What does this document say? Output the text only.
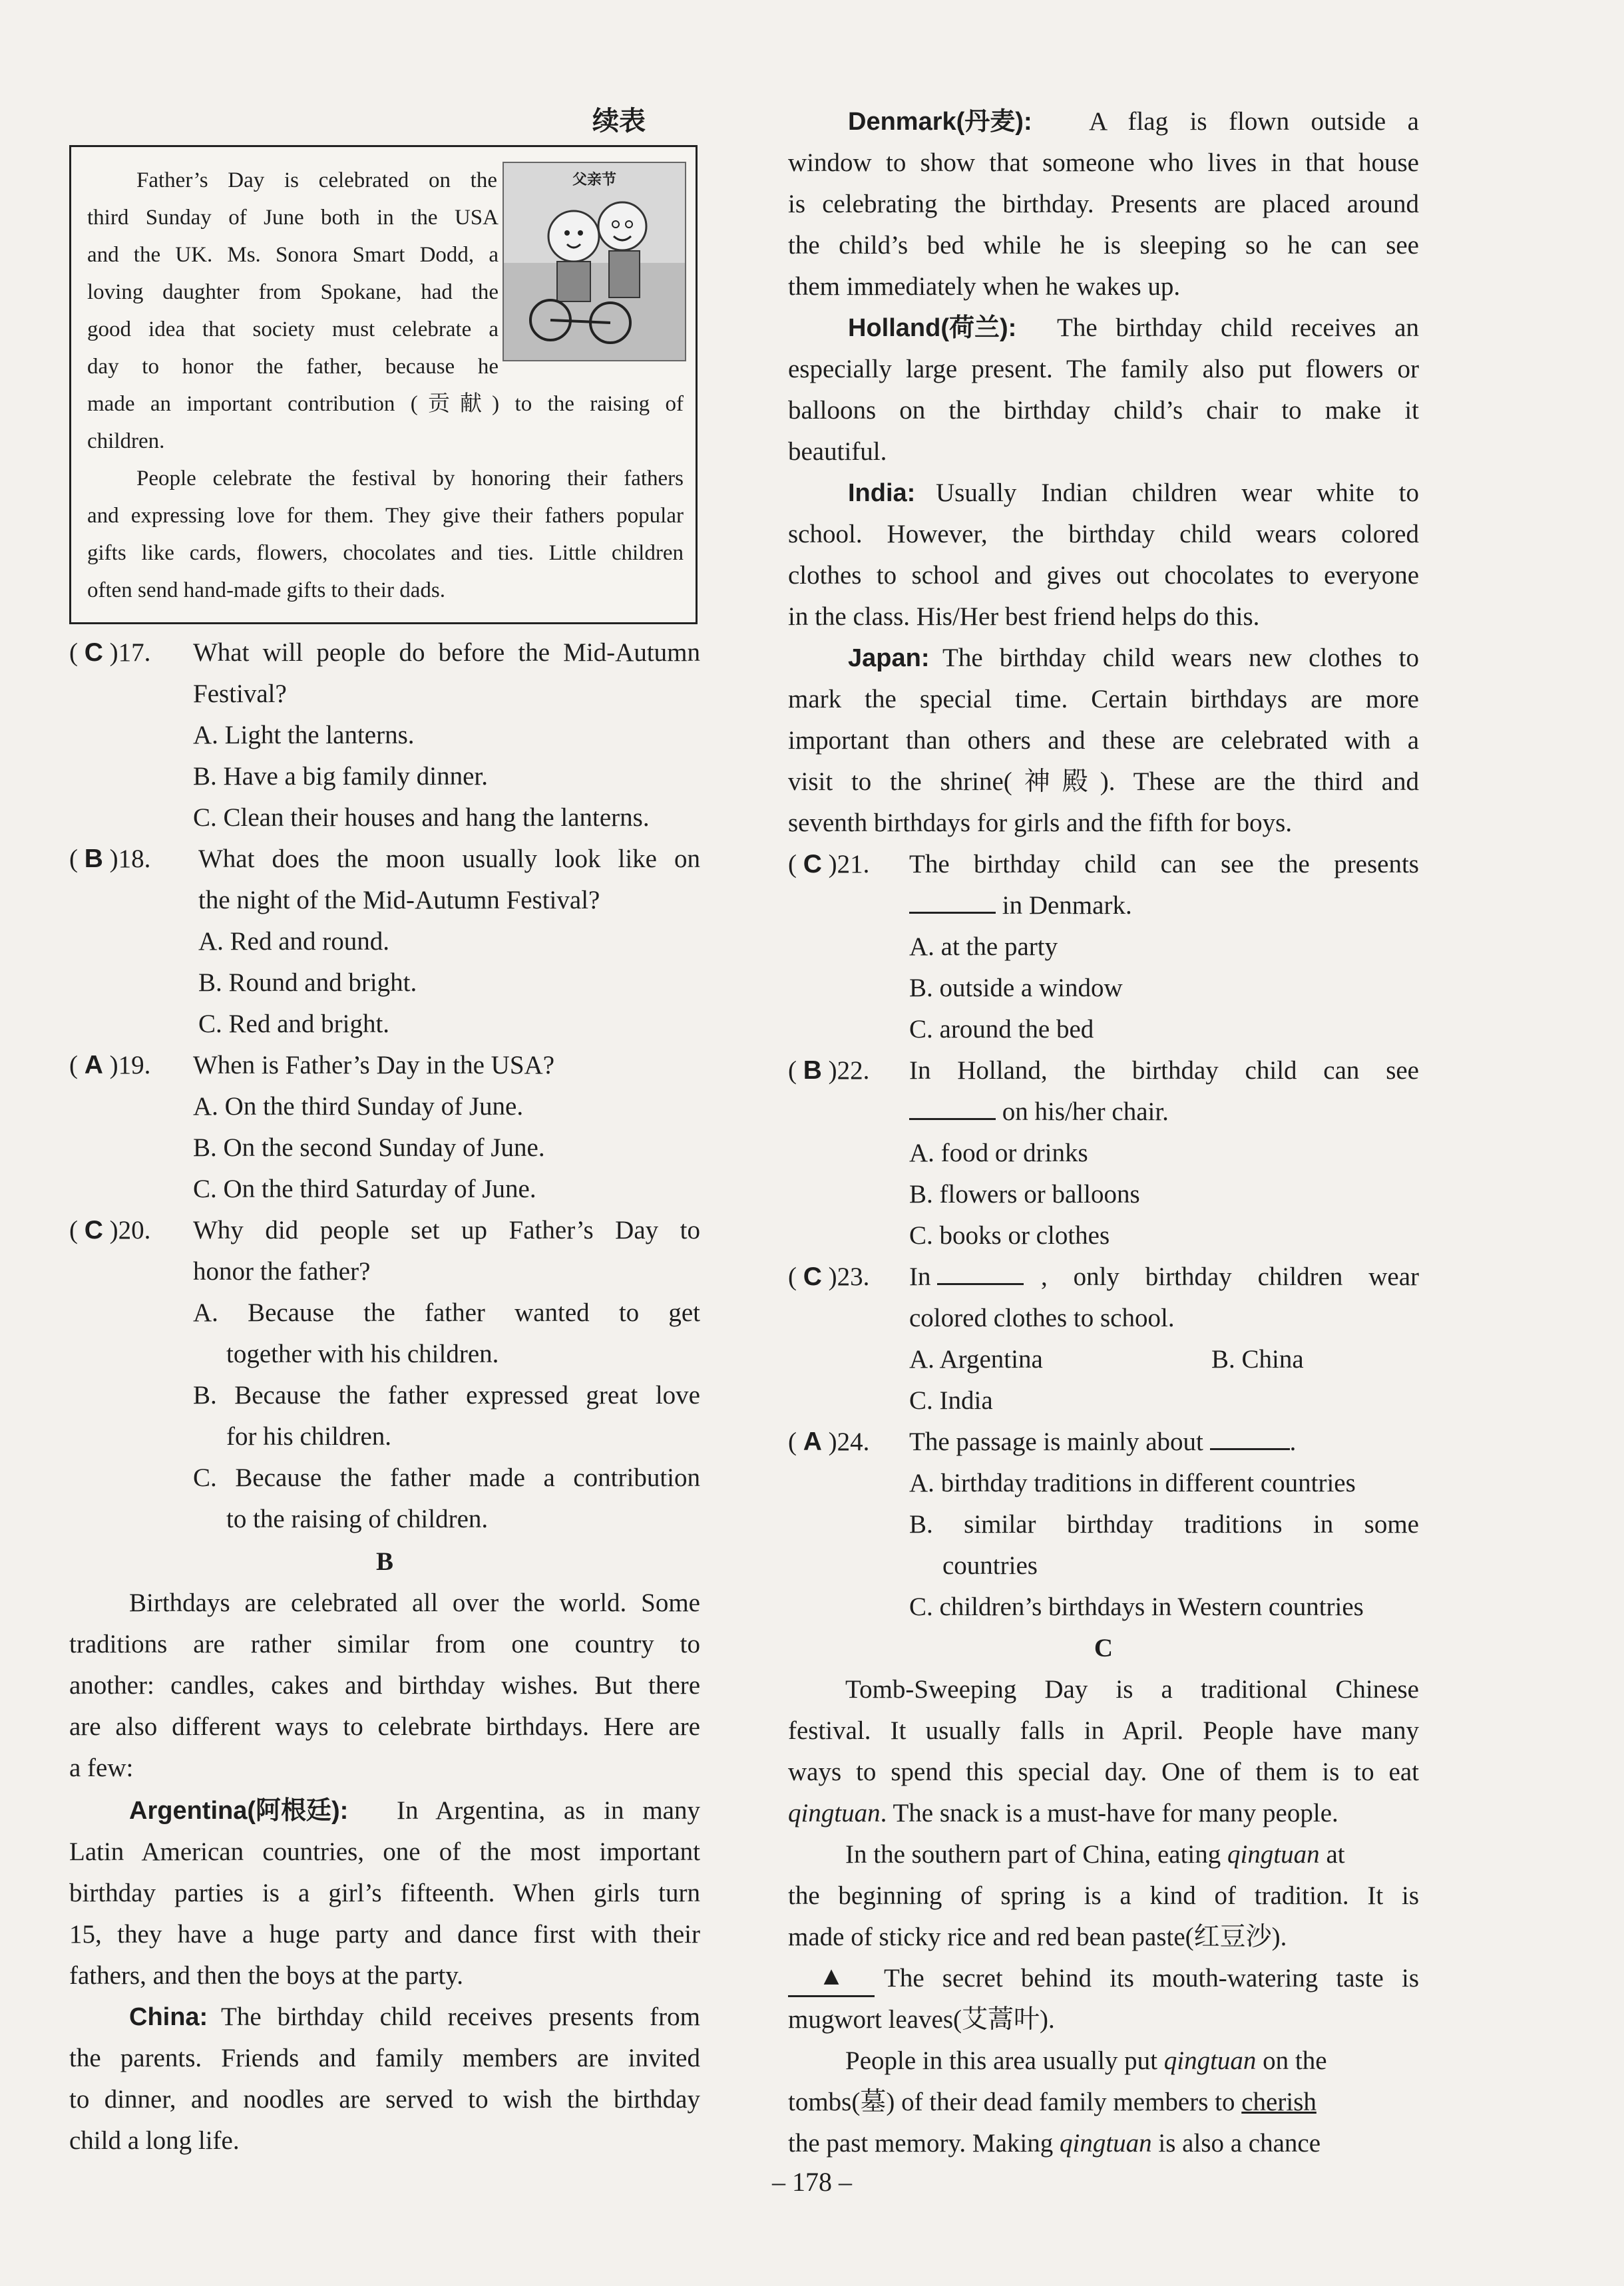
续表
父亲节
Father’s Day is celebrated on the
third Sunday of June both in the USA
and the UK. Ms. Sonora Smart Dodd, a
loving daughter from Spokane, had the
good idea that society must celebrate a
day to honor the father, because he
made an important contribution (贡献) to the raising of
children.
People celebrate the festival by honoring their fathers
and expressing love for them. They give their fathers popular
gifts like cards, flowers, chocolates and ties. Little children
often send hand-made gifts to their dads.
( C )17. What will people do before the Mid-Autumn
Festival?
A. Light the lanterns.
B. Have a big family dinner.
C. Clean their houses and hang the lanterns.
( B )18. What does the moon usually look like on
the night of the Mid-Autumn Festival?
A. Red and round.
B. Round and bright.
C. Red and bright.
( A )19. When is Father’s Day in the USA?
A. On the third Sunday of June.
B. On the second Sunday of June.
C. On the third Saturday of June.
( C )20. Why did people set up Father’s Day to
honor the father?
A. Because the father wanted to get
together with his children.
B. Because the father expressed great love
for his children.
C. Because the father made a contribution
to the raising of children.
B
Birthdays are celebrated all over the world. Some
traditions are rather similar from one country to
another: candles, cakes and birthday wishes. But there
are also different ways to celebrate birthdays. Here are
a few:
Argentina(阿根廷): In Argentina, as in many
Latin American countries, one of the most important
birthday parties is a girl’s fifteenth. When girls turn
15, they have a huge party and dance first with their
fathers, and then the boys at the party.
China: The birthday child receives presents from
the parents. Friends and family members are invited
to dinner, and noodles are served to wish the birthday
child a long life.
Denmark(丹麦): A flag is flown outside a
window to show that someone who lives in that house
is celebrating the birthday. Presents are placed around
the child’s bed while he is sleeping so he can see
them immediately when he wakes up.
Holland(荷兰): The birthday child receives an
especially large present. The family also put flowers or
balloons on the birthday child’s chair to make it
beautiful.
India: Usually Indian children wear white to
school. However, the birthday child wears colored
clothes to school and gives out chocolates to everyone
in the class. His/Her best friend helps do this.
Japan: The birthday child wears new clothes to
mark the special time. Certain birthdays are more
important than others and these are celebrated with a
visit to the shrine(神殿). These are the third and
seventh birthdays for girls and the fifth for boys.
( C )21. The birthday child can see the presents
in Denmark.
A. at the party
B. outside a window
C. around the bed
( B )22. In Holland, the birthday child can see
on his/her chair.
A. food or drinks
B. flowers or balloons
C. books or clothes
( C )23. In	, only birthday children wear
colored clothes to school.
A. Argentina	B. China
C. India
( A )24. The passage is mainly about	.
A. birthday traditions in different countries
B. similar birthday traditions in some
countries
C. children’s birthdays in Western countries
C
Tomb-Sweeping Day is a traditional Chinese
festival. It usually falls in April. People have many
ways to spend this special day. One of them is to eat
qingtuan. The snack is a must-have for many people.
In the southern part of China, eating qingtuan at
the beginning of spring is a kind of tradition. It is
made of sticky rice and red bean paste(红豆沙).
▲	The secret behind its mouth-watering taste is
mugwort leaves(艾蒿叶).
People in this area usually put qingtuan on the
tombs(墓) of their dead family members to cherish
the past memory. Making qingtuan is also a chance
– 178 –
